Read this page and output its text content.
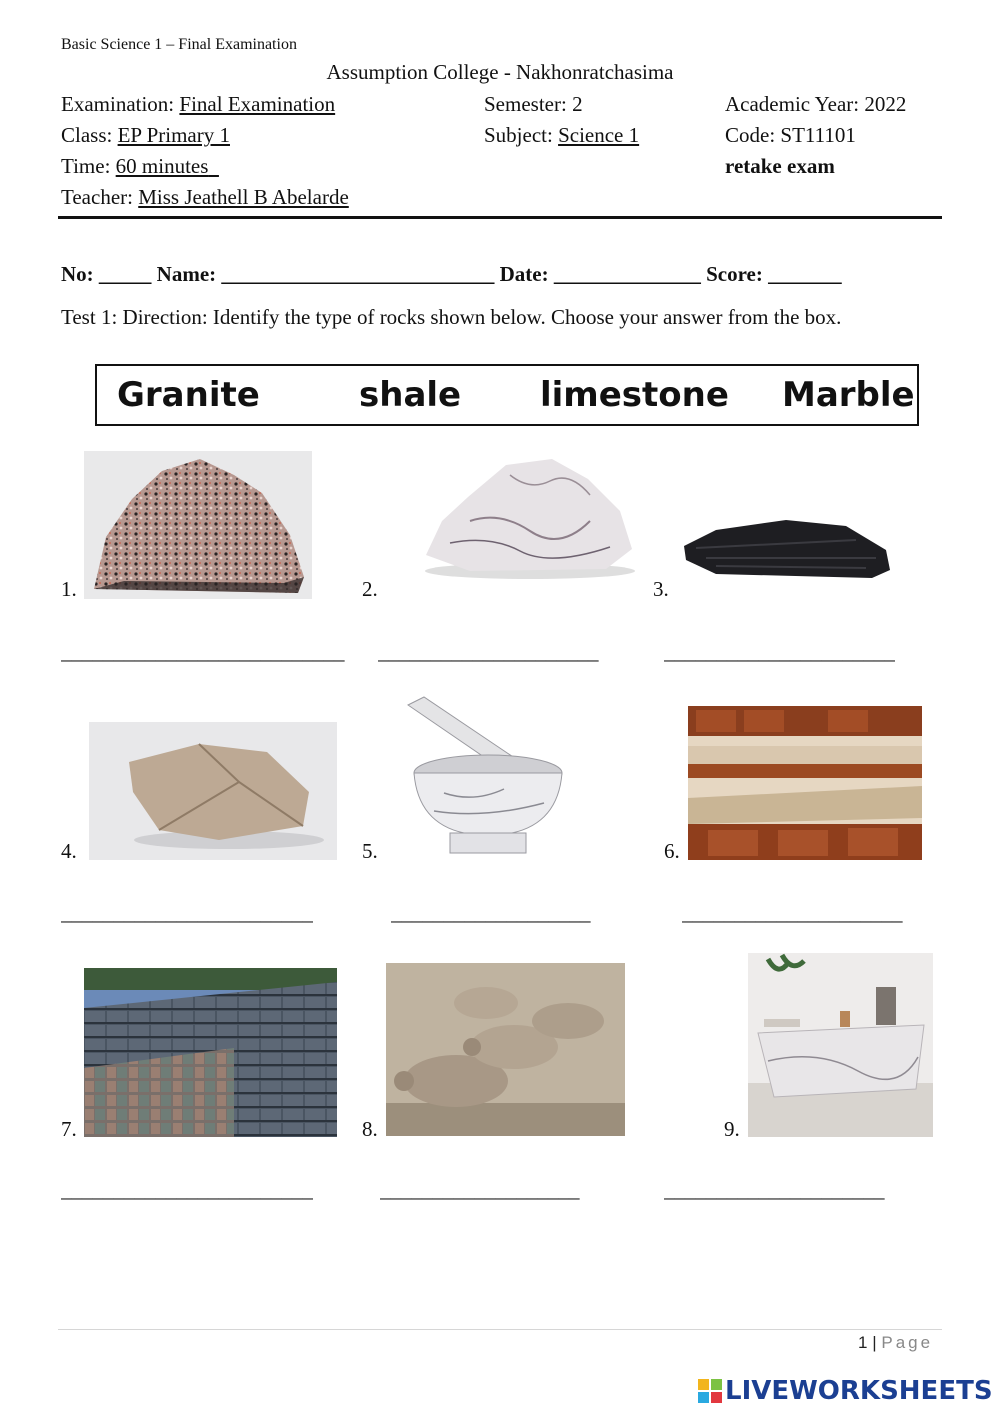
Basic Science 1 – Final Examination
Assumption College - Nakhonratchasima
Examination: Final Examination	Semester: 2	Academic Year: 2022
Class: EP Primary 1	Subject: Science 1	Code: ST11101
Time: 60 minutes	retake exam
Teacher: Miss Jeathell B Abelarde
No: _____ Name: __________________________ Date: ______________ Score: _______
Test 1: Direction: Identify the type of rocks shown below. Choose your answer from the box.
Granite	shale limestone Marble
1.	2.	3.
___________________________ _____________________	______________________
4.	5.	6.
________________________	___________________	_____________________
7.	8.	9.
________________________	___________________	_____________________
1 | Page
LIVEWORKSHEETS
